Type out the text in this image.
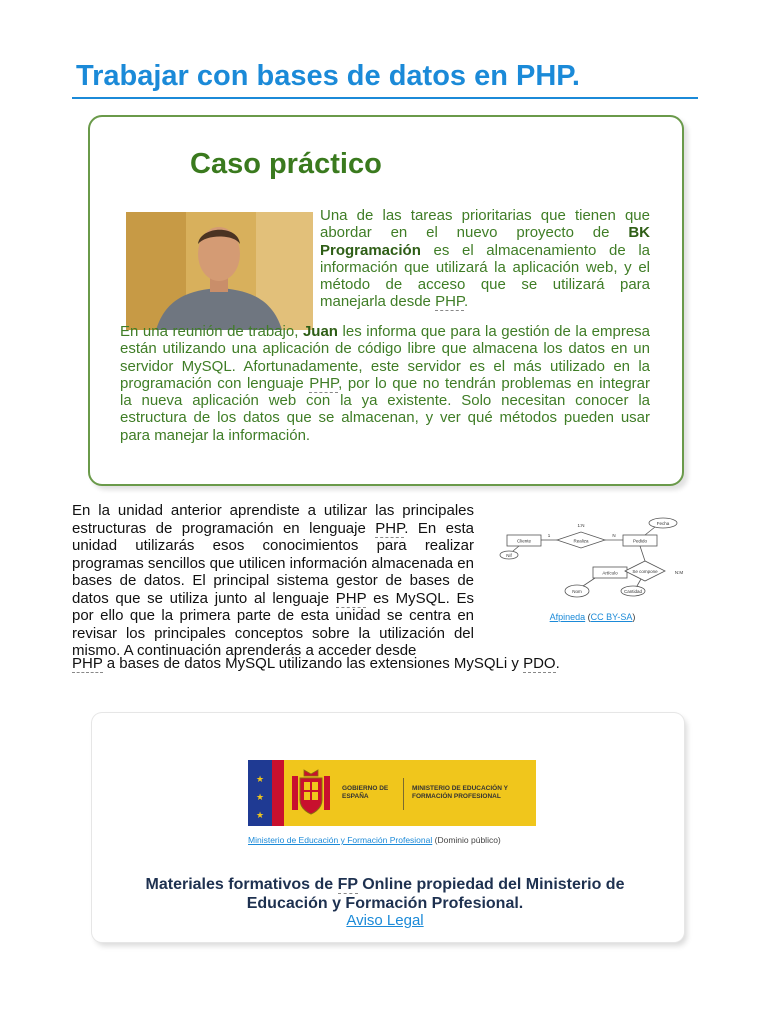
Trabajar con bases de datos en PHP.
Caso práctico

Una de las tareas prioritarias que tienen que abordar en el nuevo proyecto de BK Programación es el almacenamiento de la información que utilizará la aplicación web, y el método de acceso que se utilizará para manejarla desde PHP.

En una reunión de trabajo, Juan les informa que para la gestión de la empresa están utilizando una aplicación de código libre que almacena los datos en un servidor MySQL. Afortunadamente, este servidor es el más utilizado en la programación con lenguaje PHP, por lo que no tendrán problemas en integrar la nueva aplicación web con la ya existente. Solo necesitan conocer la estructura de los datos que se almacenan, y ver qué métodos pueden usar para manejar la información.

En la unidad anterior aprendiste a utilizar las principales estructuras de programación en lenguaje PHP. En esta unidad utilizarás esos conocimientos para realizar programas sencillos que utilicen información almacenada en bases de datos. El principal sistema gestor de bases de datos que se utiliza junto al lenguaje PHP es MySQL. Es por ello que la primera parte de esta unidad se centra en revisar los principales conceptos sobre la utilización del mismo. A continuación aprenderás a acceder desde

PHP a bases de datos MySQL utilizando las extensiones MySQLi y PDO.

Cliente	Pedido
Artículo
Realiza
Se compone
Fecha
Nif
Nom	Cantidad
1
1:N
N
N:M
Afpineda (CC BY-SA)
★
★
★

GOBIERNO DE ESPAÑA

MINISTERIO DE EDUCACIÓN Y FORMACIÓN PROFESIONAL

Ministerio de Educación y Formación Profesional (Dominio público)

Materiales formativos de FP Online propiedad del Ministerio de Educación y Formación Profesional.

Aviso Legal
